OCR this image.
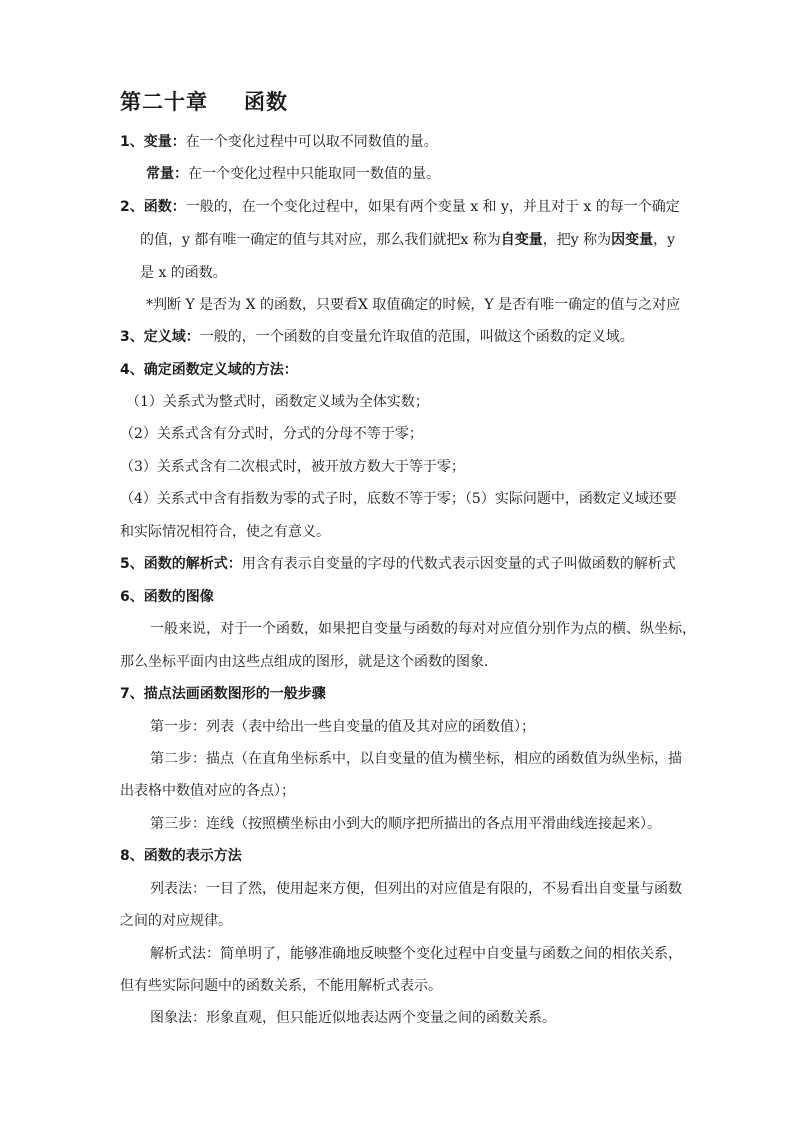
第二十章 函数
1、变量：在一个变化过程中可以取不同数值的量。
常量：在一个变化过程中只能取同一数值的量。
2、函数：一般的，在一个变化过程中，如果有两个变量 x 和 y，并且对于 x 的每一个确定
的值，y 都有唯一确定的值与其对应，那么我们就把x 称为自变量，把y 称为因变量，y
是 x 的函数。
*判断 Y 是否为 X 的函数，只要看X 取值确定的时候，Y 是否有唯一确定的值与之对应
3、定义域：一般的，一个函数的自变量允许取值的范围，叫做这个函数的定义域。
4、确定函数定义域的方法：
（1）关系式为整式时，函数定义域为全体实数；
（2）关系式含有分式时，分式的分母不等于零；
（3）关系式含有二次根式时，被开放方数大于等于零；
（4）关系式中含有指数为零的式子时，底数不等于零；（5）实际问题中，函数定义域还要
和实际情况相符合，使之有意义。
5、函数的解析式：用含有表示自变量的字母的代数式表示因变量的式子叫做函数的解析式
6、函数的图像
一般来说，对于一个函数，如果把自变量与函数的每对对应值分别作为点的横、纵坐标，
那么坐标平面内由这些点组成的图形，就是这个函数的图象．
7、描点法画函数图形的一般步骤
第一步：列表（表中给出一些自变量的值及其对应的函数值）；
第二步：描点（在直角坐标系中，以自变量的值为横坐标，相应的函数值为纵坐标，描
出表格中数值对应的各点）；
第三步：连线（按照横坐标由小到大的顺序把所描出的各点用平滑曲线连接起来）。
8、函数的表示方法
列表法：一目了然，使用起来方便，但列出的对应值是有限的，不易看出自变量与函数
之间的对应规律。
解析式法：简单明了，能够准确地反映整个变化过程中自变量与函数之间的相依关系，
但有些实际问题中的函数关系，不能用解析式表示。
图象法：形象直观，但只能近似地表达两个变量之间的函数关系。
